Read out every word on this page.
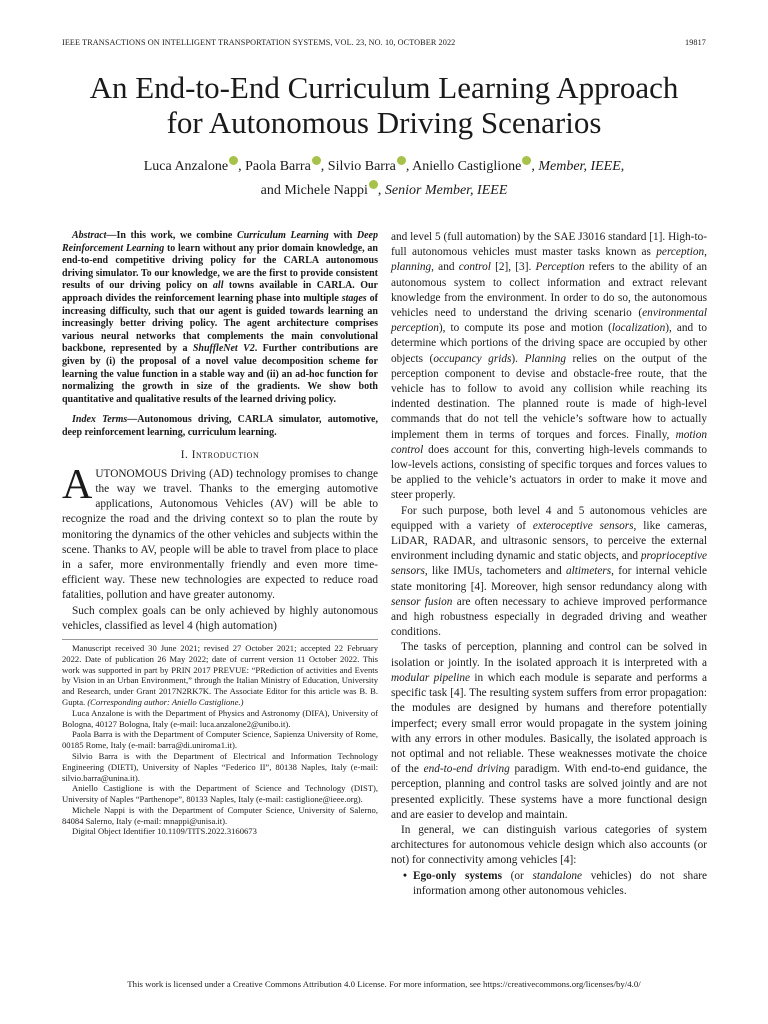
IEEE TRANSACTIONS ON INTELLIGENT TRANSPORTATION SYSTEMS, VOL. 23, NO. 10, OCTOBER 2022	19817
An End-to-End Curriculum Learning Approach
for Autonomous Driving Scenarios
Luca Anzalone , Paola Barra , Silvio Barra , Aniello Castiglione , Member, IEEE,
and Michele Nappi , Senior Member, IEEE

Abstract—In this work, we combine Curriculum Learning with Deep Reinforcement Learning to learn without any prior domain knowledge, an end-to-end competitive driving policy for the CARLA autonomous driving simulator. To our knowledge, we are the first to provide consistent results of our driving policy on all towns available in CARLA. Our approach divides the reinforcement learning phase into multiple stages of increasing difficulty, such that our agent is guided towards learning an increasingly better driving policy. The agent architecture comprises various neural networks that complements the main convolutional backbone, represented by a ShuffleNet V2. Further contributions are given by (i) the proposal of a novel value decomposition scheme for learning the value function in a stable way and (ii) an ad-hoc function for normalizing the growth in size of the gradients. We show both quantitative and qualitative results of the learned driving policy.

Index Terms—Autonomous driving, CARLA simulator, automotive, deep reinforcement learning, curriculum learning.

I. Introduction

AUTONOMOUS Driving (AD) technology promises to change the way we travel. Thanks to the emerging automotive applications, Autonomous Vehicles (AV) will be able to recognize the road and the driving context so to plan the route by monitoring the dynamics of the other vehicles and subjects within the scene. Thanks to AV, people will be able to travel from place to place in a safer, more environmentally friendly and even more time-efficient way. These new technologies are expected to reduce road fatalities, pollution and have greater autonomy.

Such complex goals can be only achieved by highly autonomous vehicles, classified as level 4 (high automation)

Manuscript received 30 June 2021; revised 27 October 2021; accepted 22 February 2022. Date of publication 26 May 2022; date of current version 11 October 2022. This work was supported in part by PRIN 2017 PREVUE: “PRediction of activities and Events by Vision in an Urban Environment,” through the Italian Ministry of Education, University and Research, under Grant 2017N2RK7K. The Associate Editor for this article was B. B. Gupta. (Corresponding author: Aniello Castiglione.)

Luca Anzalone is with the Department of Physics and Astronomy (DIFA), University of Bologna, 40127 Bologna, Italy (e-mail: luca.anzalone2@unibo.it).

Paola Barra is with the Department of Computer Science, Sapienza University of Rome, 00185 Rome, Italy (e-mail: barra@di.uniroma1.it).

Silvio Barra is with the Department of Electrical and Information Technology Engineering (DIETI), University of Naples “Federico II”, 80138 Naples, Italy (e-mail: silvio.barra@unina.it).

Aniello Castiglione is with the Department of Science and Technology (DIST), University of Naples “Parthenope”, 80133 Naples, Italy (e-mail: castiglione@ieee.org).

Michele Nappi is with the Department of Computer Science, University of Salerno, 84084 Salerno, Italy (e-mail: mnappi@unisa.it).

Digital Object Identifier 10.1109/TITS.2022.3160673

and level 5 (full automation) by the SAE J3016 standard [1]. High-to-full autonomous vehicles must master tasks known as perception, planning, and control [2], [3]. Perception refers to the ability of an autonomous system to collect information and extract relevant knowledge from the environment. In order to do so, the autonomous vehicles need to understand the driving scenario (environmental perception), to compute its pose and motion (localization), and to determine which portions of the driving space are occupied by other objects (occupancy grids). Planning relies on the output of the perception component to devise and obstacle-free route, that the vehicle has to follow to avoid any collision while reaching its indented destination. The planned route is made of high-level commands that do not tell the vehicle’s software how to actually implement them in terms of torques and forces. Finally, motion control does account for this, converting high-levels commands to low-levels actions, consisting of specific torques and forces values to be applied to the vehicle’s actuators in order to make it move and steer properly.

For such purpose, both level 4 and 5 autonomous vehicles are equipped with a variety of exteroceptive sensors, like cameras, LiDAR, RADAR, and ultrasonic sensors, to perceive the external environment including dynamic and static objects, and proprioceptive sensors, like IMUs, tachometers and altimeters, for internal vehicle state monitoring [4]. Moreover, high sensor redundancy along with sensor fusion are often necessary to achieve improved performance and high robustness especially in degraded driving and weather conditions.

The tasks of perception, planning and control can be solved in isolation or jointly. In the isolated approach it is interpreted with a modular pipeline in which each module is separate and performs a specific task [4]. The resulting system suffers from error propagation: the modules are designed by humans and therefore potentially imperfect; every small error would propagate in the system joining with any errors in other modules. Basically, the isolated approach is not optimal and not reliable. These weaknesses motivate the choice of the end-to-end driving paradigm. With end-to-end guidance, the perception, planning and control tasks are solved jointly and are not presented explicitly. These systems have a more functional design and are easier to develop and maintain.

In general, we can distinguish various categories of system architectures for autonomous vehicle design which also accounts (or not) for connectivity among vehicles [4]:

• Ego-only systems (or standalone vehicles) do not share information among other autonomous vehicles.
This work is licensed under a Creative Commons Attribution 4.0 License. For more information, see https://creativecommons.org/licenses/by/4.0/
